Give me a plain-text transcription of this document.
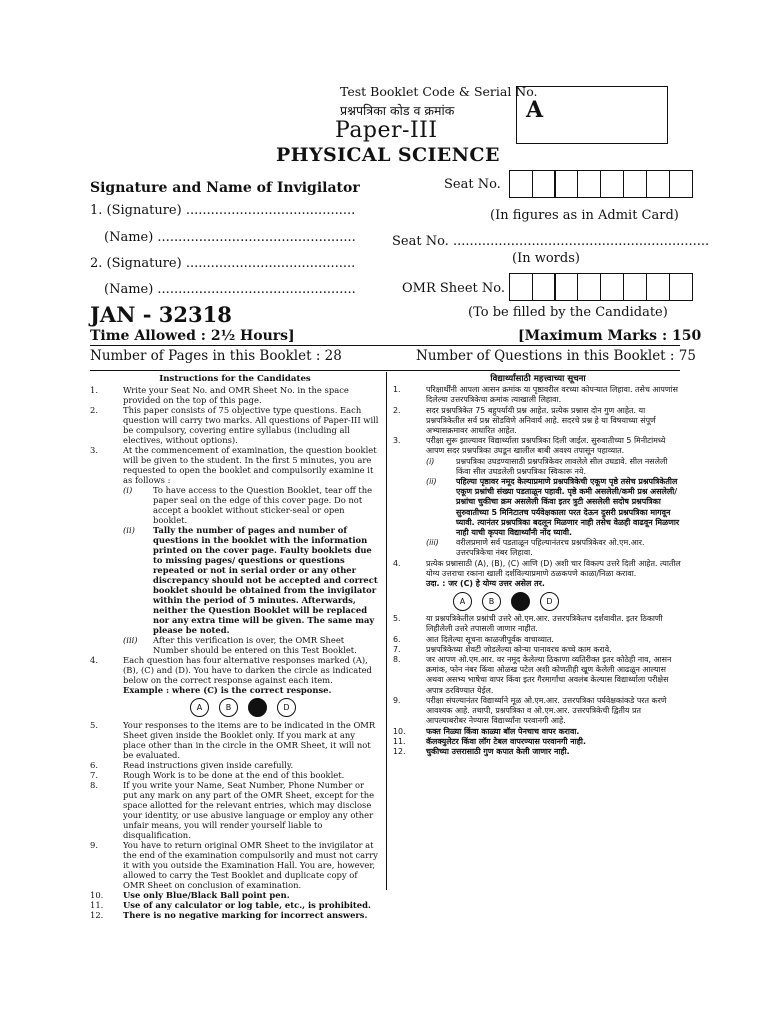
Test Booklet Code & Serial No.
प्रश्नपत्रिका कोड व क्रमांक
Paper-III
PHYSICAL SCIENCE
A
Signature and Name of Invigilator
1. (Signature) .........................................
(Name) ................................................
2. (Signature) .........................................
(Name) ................................................
Seat No.
(In figures as in Admit Card)
Seat No. ..............................................................
(In words)
OMR Sheet No.
(To be filled by the Candidate)
JAN - 32318
Time Allowed : 2½ Hours]	[Maximum Marks : 150
Number of Pages in this Booklet : 28	Number of Questions in this Booklet : 75
Instructions for the Candidates
1.	Write your Seat No. and OMR Sheet No. in the space provided on the top of this page.
2.	This paper consists of 75 objective type questions. Each question will carry two marks. All questions of Paper-III will be compulsory, covering entire syllabus (including all electives, without options).
3.	At the commencement of examination, the question booklet will be given to the student. In the first 5 minutes, you are requested to open the booklet and compulsorily examine it as follows :
(i)	To have access to the Question Booklet, tear off the paper seal on the edge of this cover page. Do not accept a booklet without sticker-seal or open booklet.
(ii)	Tally the number of pages and number of questions in the booklet with the information printed on the cover page. Faulty booklets due to missing pages/ questions or questions repeated or not in serial order or any other discrepancy should not be accepted and correct booklet should be obtained from the invigilator within the period of 5 minutes. Afterwards, neither the Question Booklet will be replaced nor any extra time will be given. The same may please be noted.
(iii)	After this verification is over, the OMR Sheet Number should be entered on this Test Booklet.
4.	Each question has four alternative responses marked (A), (B), (C) and (D). You have to darken the circle as indicated below on the correct response against each item.
Example : where (C) is the correct response.
A	B	D
5.	Your responses to the items are to be indicated in the OMR Sheet given inside the Booklet only. If you mark at any place other than in the circle in the OMR Sheet, it will not be evaluated.
6.	Read instructions given inside carefully.
7.	Rough Work is to be done at the end of this booklet.
8.	If you write your Name, Seat Number, Phone Number or put any mark on any part of the OMR Sheet, except for the space allotted for the relevant entries, which may disclose your identity, or use abusive language or employ any other unfair means, you will render yourself liable to disqualification.
9.	You have to return original OMR Sheet to the invigilator at the end of the examination compulsorily and must not carry it with you outside the Examination Hall. You are, however, allowed to carry the Test Booklet and duplicate copy of OMR Sheet on conclusion of examination.
10.	Use only Blue/Black Ball point pen.
11.	Use of any calculator or log table, etc., is prohibited.
12.	There is no negative marking for incorrect answers.
विद्यार्थ्यांसाठी महत्त्वाच्या सूचना
1.	परिक्षार्थींनी आपला आसन क्रमांक या पृष्ठावरील वरच्या कोपऱ्यात लिहावा. तसेच आपणांस दिलेल्या उत्तरपत्रिकेचा क्रमांक त्याखाली लिहावा.
2.	सदर प्रश्नपत्रिकेत 75 बहुपर्यायी प्रश्न आहेत. प्रत्येक प्रश्नास दोन गुण आहेत. या प्रश्नपत्रिकेतील सर्व प्रश्न सोडविणे अनिवार्य आहे. सदरचे प्रश्न हे या विषयाच्या संपूर्ण अभ्यासक्रमावर आधारित आहेत.
3.	परीक्षा सुरू झाल्यावर विद्यार्थ्याला प्रश्नपत्रिका दिली जाईल. सुरुवातीच्या 5 मिनीटांमध्ये आपण सदर प्रश्नपत्रिका उघडून खालील बाबी अवश्य तपासून पहाव्यात.
(i)	प्रश्नपत्रिका उघडण्यासाठी प्रश्नपत्रिकेवर लावलेले सील उघडावे. सील नसलेली किंवा सील उघडलेली प्रश्नपत्रिका स्विकारू नये.
(ii)	पहिल्या पृष्ठावर नमूद केल्याप्रमाणे प्रश्नपत्रिकेची एकूण पृष्ठे तसेच प्रश्नपत्रिकेतील एकूण प्रश्नांची संख्या पडताळून पहावी. पृष्ठे कमी असलेली/कमी प्रश्न असलेली/प्रश्नांचा चुकीचा क्रम असलेली किंवा इतर त्रुटी असलेली सदोष प्रश्नपत्रिका सुरुवातीच्या 5 मिनिटातच पर्यवेक्षकाला परत देऊन दुसरी प्रश्नपत्रिका मागवून घ्यावी. त्यानंतर प्रश्नपत्रिका बदलून मिळणार नाही तसेच वेळही वाढवून मिळणार नाही याची कृपया विद्यार्थ्यांनी नोंद घ्यावी.
(iii)	वरीलप्रमाणे सर्व पडताळून पहिल्यानंतरच प्रश्नपत्रिकेवर ओ.एम.आर. उत्तरपत्रिकेचा नंबर लिहावा.
4.	प्रत्येक प्रश्नासाठी (A), (B), (C) आणि (D) अशी चार विकल्प उत्तरे दिली आहेत. त्यातील योग्य उत्तराचा रकाना खाली दर्शविल्याप्रमाणे ठळकपणे काळा/निळा करावा.
उदा. : जर (C) हे योग्य उत्तर असेल तर.
A	B	D
5.	या प्रश्नपत्रिकेतील प्रश्नांची उत्तरे ओ.एम.आर. उत्तरपत्रिकेतच दर्शवावीत. इतर ठिकाणी लिहीलेली उत्तरे तपासली जाणार नाहीत.
6.	आत दिलेल्या सूचना काळजीपूर्वक वाचाव्यात.
7.	प्रश्नपत्रिकेच्या शेवटी जोडलेल्या कोऱ्या पानावरच कच्चे काम करावे.
8.	जर आपण ओ.एम.आर. वर नमूद केलेल्या ठिकाणा व्यतिरीक्त इतर कोठेही नाव, आसन क्रमांक, फोन नंबर किंवा ओळख पटेल अशी कोणतीही खूण केलेली आढळून आल्यास अथवा असभ्य भाषेचा वापर किंवा इतर गैरमार्गांचा अवलंब केल्यास विद्यार्थ्याला परीक्षेस अपात्र ठरविण्यात येईल.
9.	परीक्षा संपल्यानंतर विद्यार्थ्याने मूळ ओ.एम.आर. उत्तरपत्रिका पर्यवेक्षकांकडे परत करणे आवश्यक आहे. तथापी, प्रश्नपत्रिका व ओ.एम.आर. उत्तरपत्रिकेची द्वितीय प्रत आपल्याबरोबर नेण्यास विद्यार्थ्यांना परवानगी आहे.
10.	फक्त निळ्या किंवा काळ्या बॉल पेनचाच वापर करावा.
11.	कॅलक्युलेटर किंवा लॉग टेबल वापरण्यास परवानगी नाही.
12.	चुकीच्या उत्तरासाठी गुण कपात केली जाणार नाही.
